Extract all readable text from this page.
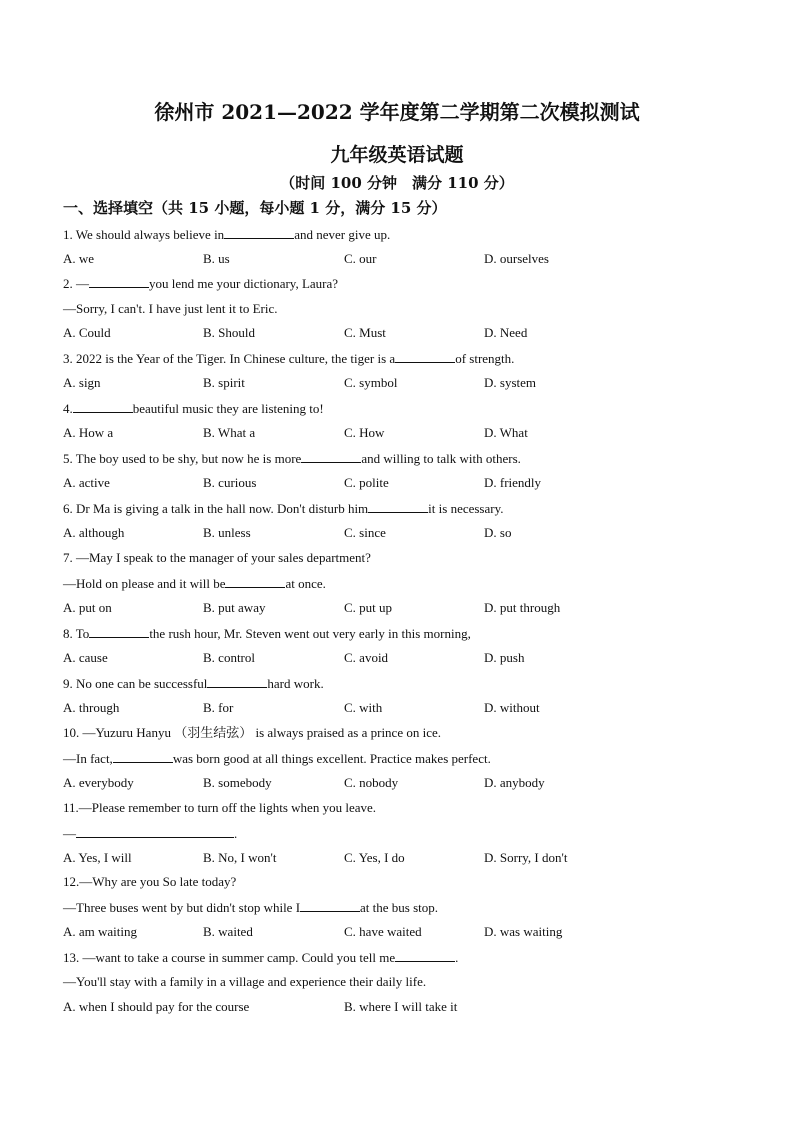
徐州市 2021—2022 学年度第二学期第二次模拟测试
九年级英语试题
（时间 100 分钟　满分 110 分）
一、选择填空（共 15 小题，每小题 1 分，满分 15 分）
1. We should always believe in	and never give up.
A. we	B. us	C. our	D. ourselves
2. —	you lend me your dictionary, Laura?
—Sorry, I can't. I have just lent it to Eric.
A. Could	B. Should	C. Must	D. Need
3. 2022 is the Year of the Tiger. In Chinese culture, the tiger is a	of strength.
A. sign	B. spirit	C. symbol	D. system
4.	beautiful music they are listening to!
A. How a	B. What a	C. How	D. What
5. The boy used to be shy, but now he is more	and willing to talk with others.
A. active	B. curious	C. polite	D. friendly
6. Dr Ma is giving a talk in the hall now. Don't disturb him	it is necessary.
A. although	B. unless	C. since	D. so
7. —May I speak to the manager of your sales department?
—Hold on please and it will be	at once.
A. put on	B. put away	C. put up	D. put through
8. To	the rush hour, Mr. Steven went out very early in this morning,
A. cause	B. control	C. avoid	D. push
9. No one can be successful	hard work.
A. through	B. for	C. with	D. without
10. —Yuzuru Hanyu （羽生结弦） is always praised as a prince on ice.
—In fact,	was born good at all things excellent. Practice makes perfect.
A. everybody	B. somebody	C. nobody	D. anybody
11.—Please remember to turn off the lights when you leave.
—	.
A. Yes, I will	B. No, I won't	C. Yes, I do	D. Sorry, I don't
12.—Why are you So late today?
—Three buses went by but didn't stop while I	at the bus stop.
A. am waiting	B. waited	C. have waited	D. was waiting
13. —want to take a course in summer camp. Could you tell me	.
—You'll stay with a family in a village and experience their daily life.
A. when I should pay for the course	B. where I will take it
